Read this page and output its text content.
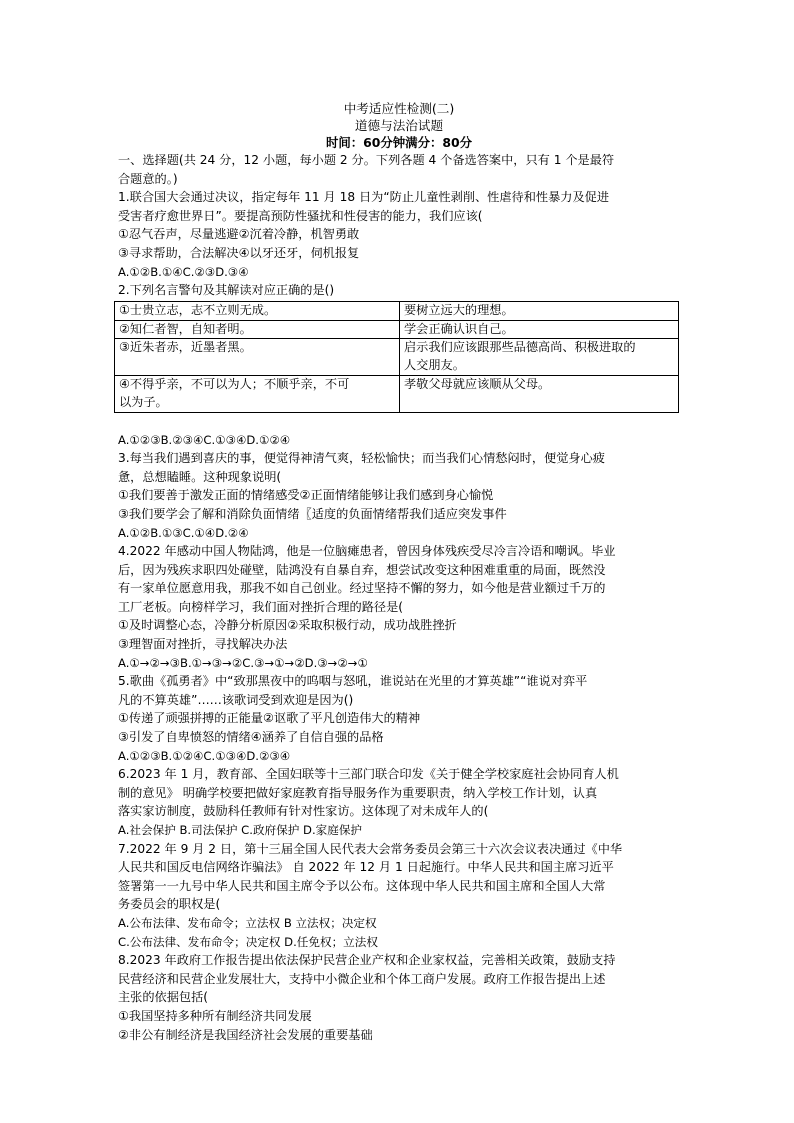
中考适应性检测(二)

道德与法治试题

时间：60分钟满分：80分

一、选择题(共 24 分，12 小题，每小题 2 分。下列各题 4 个备选答案中，只有 1 个是最符

合题意的。)

1.联合国大会通过决议，指定每年 11 月 18 日为“防止儿童性剥削、性虐待和性暴力及促进

受害者疗愈世界日”。要提高预防性骚扰和性侵害的能力，我们应该(

①忍气吞声，尽量逃避②沉着冷静，机智勇敢

③寻求帮助，合法解决④以牙还牙，伺机报复

A.①②B.①④C.②③D.③④

2.下列名言警句及其解读对应正确的是()

①士贵立志，志不立则无成。	要树立远大的理想。
②知仁者智，自知者明。	学会正确认识自己。
③近朱者赤，近墨者黑。	启示我们应该跟那些品德高尚、积极进取的
人交朋友。

④不得乎亲，不可以为人；不顺乎亲，不可
以为子。	孝敬父母就应该顺从父母。

A.①②③B.②③④C.①③④D.①②④

3.每当我们遇到喜庆的事，便觉得神清气爽，轻松愉快；而当我们心情愁闷时，便觉身心疲

惫，总想瞌睡。这种现象说明(

①我们要善于激发正面的情绪感受②正面情绪能够让我们感到身心愉悦

③我们要学会了解和消除负面情绪〖适度的负面情绪帮我们适应突发事件

A.①②B.①③C.①④D.②④

4.2022 年感动中国人物陆鸿，他是一位脑瘫患者，曾因身体残疾受尽冷言冷语和嘲讽。毕业

后，因为残疾求职四处碰壁，陆鸿没有自暴自弃，想尝试改变这种困难重重的局面，既然没

有一家单位愿意用我，那我不如自己创业。经过坚持不懈的努力，如今他是营业额过千万的

工厂老板。向榜样学习，我们面对挫折合理的路径是(

①及时调整心态，冷静分析原因②采取积极行动，成功战胜挫折

③理智面对挫折，寻找解决办法

A.①→②→③B.①→③→②C.③→①→②D.③→②→①

5.歌曲《孤勇者》中“致那黑夜中的呜咽与怒吼，谁说站在光里的才算英雄”“谁说对弈平

凡的不算英雄”……该歌词受到欢迎是因为()

①传递了顽强拼搏的正能量②讴歌了平凡创造伟大的精神

③引发了自卑愤怒的情绪④涵养了自信自强的品格

A.①②③B.①②④C.①③④D.②③④

6.2023 年 1 月，教育部、全国妇联等十三部门联合印发《关于健全学校家庭社会协同育人机

制的意见》 明确学校要把做好家庭教育指导服务作为重要职责，纳入学校工作计划，认真

落实家访制度，鼓励科任教师有针对性家访。这体现了对未成年人的(

A.社会保护 B.司法保护 C.政府保护 D.家庭保护

7.2022 年 9 月 2 日，第十三届全国人民代表大会常务委员会第三十六次会议表决通过《中华

人民共和国反电信网络诈骗法》 自 2022 年 12 月 1 日起施行。中华人民共和国主席习近平

签署第一一九号中华人民共和国主席令予以公布。这体现中华人民共和国主席和全国人大常

务委员会的职权是(

A.公布法律、发布命令；立法权 B 立法权；决定权

C.公布法律、发布命令；决定权 D.任免权；立法权

8.2023 年政府工作报告提出依法保护民营企业产权和企业家权益，完善相关政策，鼓励支持

民营经济和民营企业发展壮大，支持中小微企业和个体工商户发展。政府工作报告提出上述

主张的依据包括(

①我国坚持多种所有制经济共同发展

②非公有制经济是我国经济社会发展的重要基础
